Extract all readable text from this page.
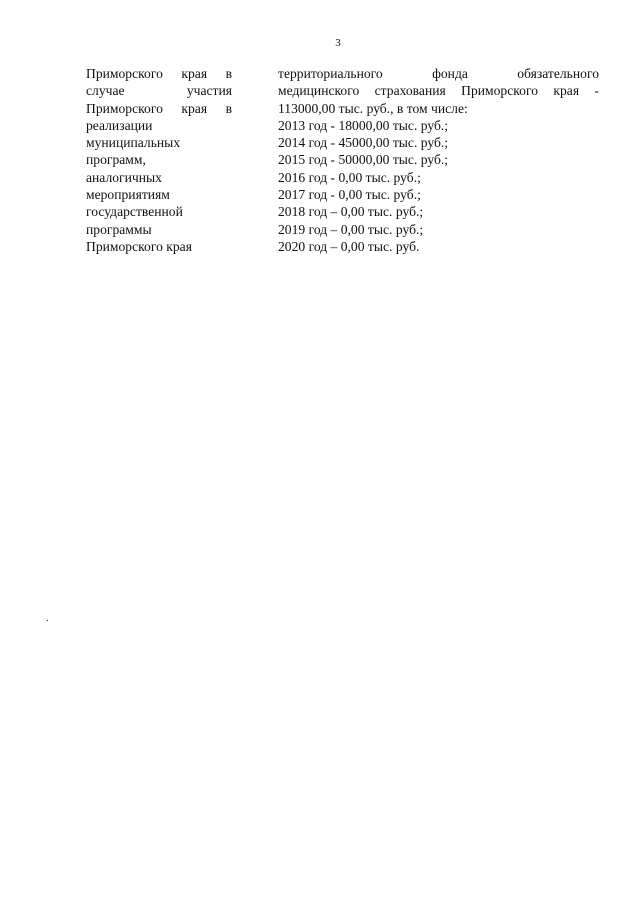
3
Приморского края в
случае участия
Приморского края в
реализации
муниципальных
программ,
аналогичных
мероприятиям
государственной
программы
Приморского края
территориального фонда обязательного
медицинского страхования Приморского края -
113000,00 тыс. руб., в том числе:
2013 год - 18000,00 тыс. руб.;
2014 год - 45000,00 тыс. руб.;
2015 год - 50000,00 тыс. руб.;
2016 год - 0,00 тыс. руб.;
2017 год - 0,00 тыс. руб.;
2018 год – 0,00 тыс. руб.;
2019 год – 0,00 тыс. руб.;
2020 год – 0,00 тыс. руб.
.
